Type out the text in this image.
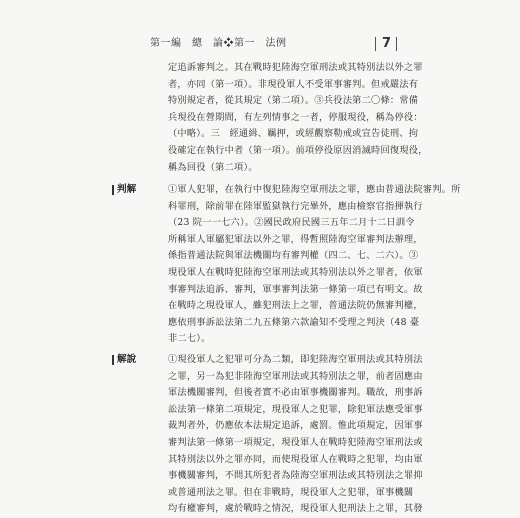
第一編　總　論❖第一　法例	7
定追訴審判之。其在戰時犯陸海空軍刑法或其特別法以外之罪
者，亦同（第一項）。非現役軍人不受軍事審判。但戒嚴法有
特別規定者，從其規定（第二項）。③兵役法第二〇條：常備
兵現役在營期間，有左列情事之一者，停服現役，稱為停役：
（中略）。三　經通緝、羈押，或經觀察勒戒或宣告徒刑、拘
役確定在執行中者（第一項）。前項停役原因消滅時回復現役，
稱為回役（第二項）。
判解	①軍人犯罪，在執行中復犯陸海空軍刑法之罪，應由普通法院審判。所
科罪刑，除前罪在陸軍監獄執行完畢外，應由檢察官指揮執行
（23 院一一七六）。②國民政府民國三五年二月十二日訓令
所稱軍人軍屬犯軍法以外之罪，得暫照陸海空軍審判法辦理，
係指普通法院與軍法機關均有審判權（四二、七、二六）。③
現役軍人在戰時犯陸海空軍刑法或其特別法以外之罪者，依軍
事審判法追訴、審判，軍事審判法第一條第一項已有明文。故
在戰時之現役軍人，雖犯刑法上之罪，普通法院仍無審判權，
應依刑事訴訟法第二九五條第六款諭知不受理之判決（48 臺
非二七）。
解說	①現役軍人之犯罪可分為二類，即犯陸海空軍刑法或其特別法
之罪，另一為犯非陸海空軍刑法或其特別法之罪，前者固應由
軍法機關審判，但後者實不必由軍事機關審判。職故，刑事訴
訟法第一條第二項規定，現役軍人之犯罪，除犯軍法應受軍事
裁判者外，仍應依本法規定追訴，處罰。惟此項規定，因軍事
審判法第一條第一項規定，現役軍人在戰時犯陸海空軍刑法或
其特別法以外之罪亦同，而使現役軍人在戰時之犯罪，均由軍
事機關審判，不問其所犯者為陸海空軍刑法或其特別法之罪抑
或普通刑法之罪。但在非戰時，現役軍人之犯罪，軍事機關
均有權審判，處於戰時之情況，現役軍人犯刑法上之罪，其發
